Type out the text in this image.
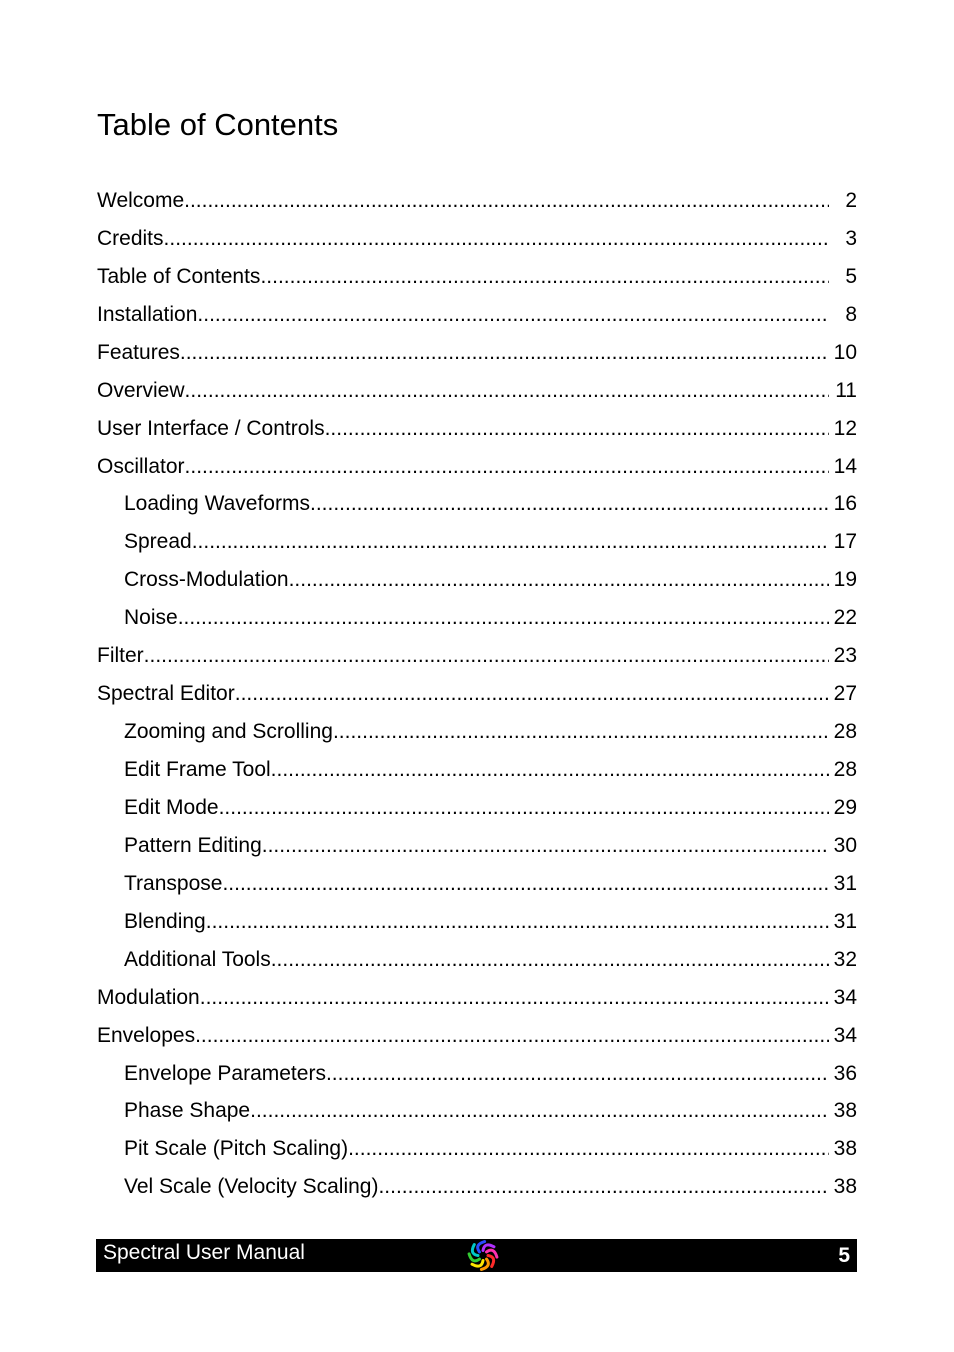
Table of Contents
Welcome .....	2
Credits .....	3
Table of Contents .....	5
Installation .....	8
Features .....	10
Overview .....	11
User Interface / Controls .....	12
Oscillator .....	14
Loading Waveforms .....	16
Spread .....	17
Cross-Modulation .....	19
Noise .....	22
Filter .....	23
Spectral Editor .....	27
Zooming and Scrolling .....	28
Edit Frame Tool .....	28
Edit Mode .....	29
Pattern Editing .....	30
Transpose .....	31
Blending .....	31
Additional Tools .....	32
Modulation .....	34
Envelopes .....	34
Envelope Parameters .....	36
Phase Shape .....	38
Pit Scale (Pitch Scaling) .....	38
Vel Scale (Velocity Scaling) .....	38
Spectral User Manual	5
